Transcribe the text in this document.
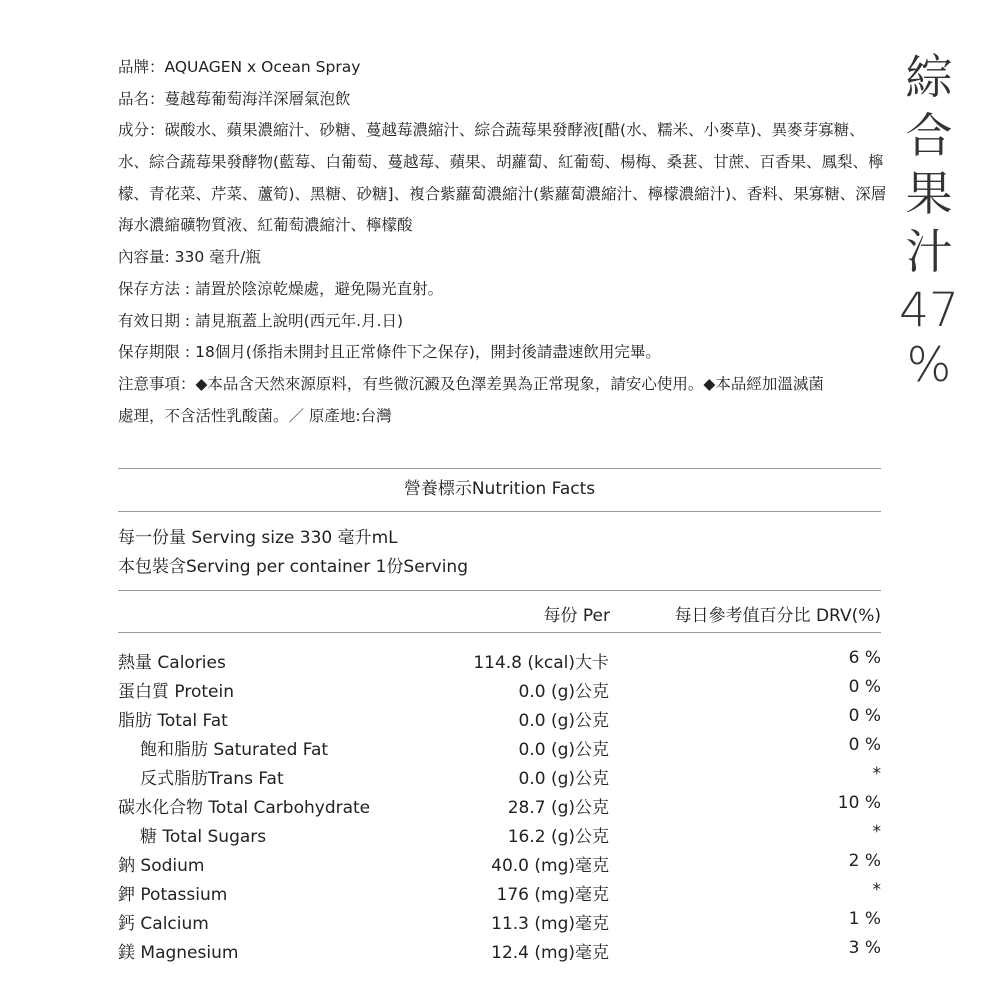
綜
合
果
汁
47
%
品牌：AQUAGEN x Ocean Spray
品名：蔓越莓葡萄海洋深層氣泡飲
成分：碳酸水、蘋果濃縮汁、砂糖、蔓越莓濃縮汁、綜合蔬莓果發酵液[醋(水、糯米、小麥草)、異麥芽寡糖、
水、綜合蔬莓果發酵物(藍莓、白葡萄、蔓越莓、蘋果、胡蘿蔔、紅葡萄、楊梅、桑葚、甘蔗、百香果、鳳梨、檸
檬、青花菜、芹菜、蘆筍)、黑糖、砂糖]、複合紫蘿蔔濃縮汁(紫蘿蔔濃縮汁、檸檬濃縮汁)、香料、果寡糖、深層
海水濃縮礦物質液、紅葡萄濃縮汁、檸檬酸
內容量: 330 毫升/瓶
保存方法 : 請置於陰涼乾燥處，避免陽光直射。
有效日期 : 請見瓶蓋上說明(西元年.月.日)
保存期限 : 18個月(係指未開封且正常條件下之保存)，開封後請盡速飲用完畢。
注意事項：◆本品含天然來源原料，有些微沉澱及色澤差異為正常現象，請安心使用。◆本品經加溫滅菌
處理，不含活性乳酸菌。／ 原產地:台灣
營養標示Nutrition Facts
每一份量 Serving size 330 毫升mL
本包裝含Serving per container 1份Serving
每份 Per	每日參考值百分比 DRV(%)
熱量 Calories	114.8 (kcal)大卡	6 %
蛋白質 Protein	0.0 (g)公克	0 %
脂肪 Total Fat	0.0 (g)公克	0 %
飽和脂肪 Saturated Fat	0.0 (g)公克	0 %
反式脂肪Trans Fat	0.0 (g)公克	*
碳水化合物 Total Carbohydrate	28.7 (g)公克	10 %
糖 Total Sugars	16.2 (g)公克	*
鈉 Sodium	40.0 (mg)毫克	2 %
鉀 Potassium	176 (mg)毫克	*
鈣 Calcium	11.3 (mg)毫克	1 %
鎂 Magnesium	12.4 (mg)毫克	3 %
